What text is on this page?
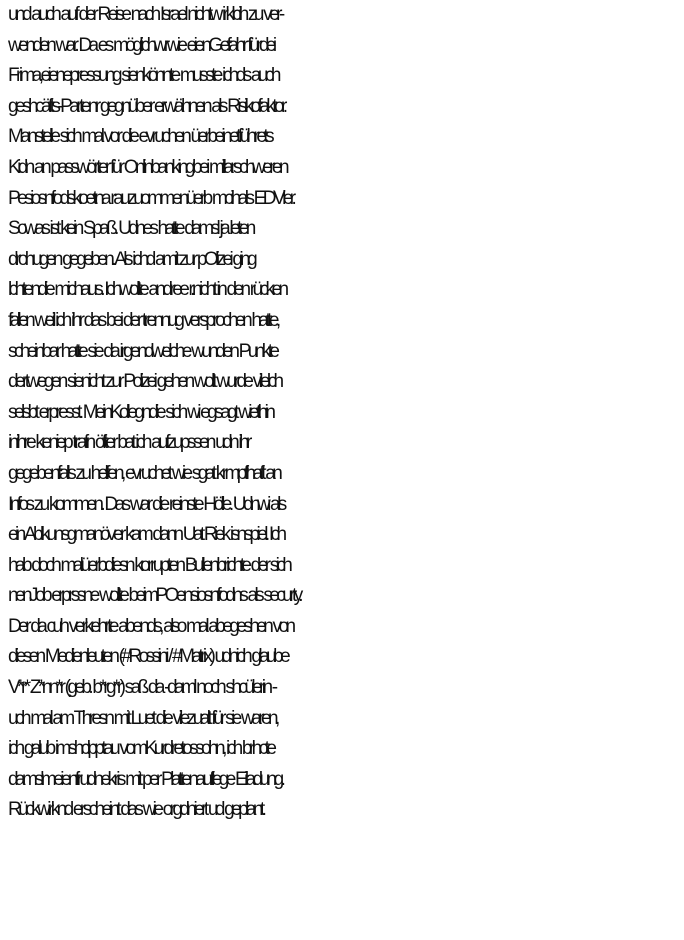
und auch auf der Reise nach Israel nichtw irklcih zu ver-
wenden war. Da es möglichwrwie eienGefahr fürdei
Frima,eienepressung sienkönnte musste ichds auch
geshcäfts-Partenr gegnüber erwähnen als Risikofaktor.
Manstelle sich mal vor die evruchen üerbeinetführets
Kidn an passwörter für Onlinbankingbei millarschweren
Pesiosnfodskoetna rauzuommenüerb mcihals EDVler.
Sowas ist kein Spaß. Udnes hatte damsl ja leten
drohugen gegeben. Als ichd amit zur pOlizei ging
lchtendie michaus. Ichwollte andree r.nicht in den rücken
fallen weil ich ihr das bei der trennug versprochen hatte,
scheinbar hatte sie da irgendwelche wunden Punkte
dertwegen sienicht zur Polizei gehen wollt wurde vilelch
selsbt erpresst. MeinKollegndie sich wi egsagt wiethin
inihre keniep trafn öfter bat ich aufzupssen udn ihr
gegebenfalls zu helfen, evruchet wie sgat krmpfhaft an
Infos zu kommen. Das war die reinste Hölle. Udnwi als
ein Ablkunsgmanöver kam dann Uat Riek isnspiel. Ich
hab doch malüerbdiesn korrupten Bullenbrichte der sich
nenJob erprssne wollte beimPOensiosnfodns als securty.
Der da cuh verkehrte abends, also mal abegeshen von
diesen Medienleuten (#Rossini / #Matrix) udnich glaube
V*r* Z*nn*r (geb. b*rg*r) saß da -daml noch shcülerin -
uch mal am Thresn mit Luet die vilezualt für sie waren,
ich galub imshclpptau vomKurdretossohn, ich brhcte
damslmeienfrudnekris mit per Plattenauflege Eiladung.
Rückwirknd erscheint das wie orgdniert ud geplant.
